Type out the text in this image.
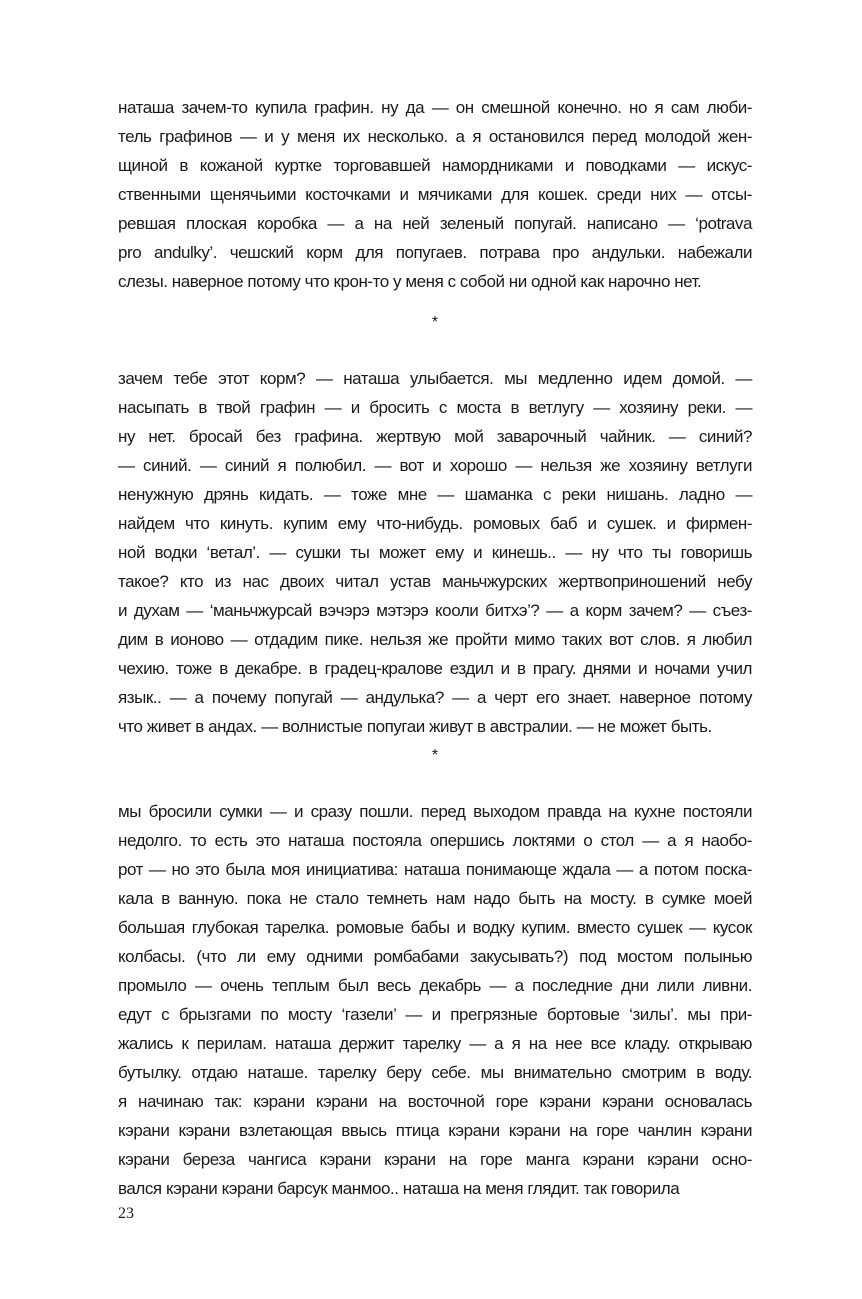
наташа зачем-то купила графин. ну да — он смешной конечно. но я сам люби-
тель графинов — и у меня их несколько. а я остановился перед молодой жен-
щиной в кожаной куртке торговавшей намордниками и поводками — искус-
ственными щенячьими косточками и мячиками для кошек. среди них — отсы-
ревшая плоская коробка — а на ней зеленый попугай. написано — ‘potrava
pro andulky’. чешский корм для попугаев. потрава про андульки. набежали
слезы. наверное потому что крон-то у меня с собой ни одной как нарочно нет.
*
зачем тебе этот корм? — наташа улыбается. мы медленно идем домой. —
насыпать в твой графин — и бросить с моста в ветлугу — хозяину реки. —
ну нет. бросай без графина. жертвую мой заварочный чайник. — синий?
— синий. — синий я полюбил. — вот и хорошо — нельзя же хозяину ветлуги
ненужную дрянь кидать. — тоже мне — шаманка с реки нишань. ладно —
найдем что кинуть. купим ему что-нибудь. ромовых баб и сушек. и фирмен-
ной водки ‘ветал’. — сушки ты может ему и кинешь.. — ну что ты говоришь
такое? кто из нас двоих читал устав маньчжурских жертвоприношений небу
и духам — ‘маньчжурсай вэчэрэ мэтэрэ кооли битхэ’? — а корм зачем? — съез-
дим в ионово — отдадим пике. нельзя же пройти мимо таких вот слов. я любил
чехию. тоже в декабре. в градец-кралове ездил и в прагу. днями и ночами учил
язык.. — а почему попугай — андулька? — а черт его знает. наверное потому
что живет в андах. — волнистые попугаи живут в австралии. — не может быть.
*
мы бросили сумки — и сразу пошли. перед выходом правда на кухне постояли
недолго. то есть это наташа постояла опершись локтями о стол — а я наобо-
рот — но это была моя инициатива: наташа понимающе ждала — а потом поска-
кала в ванную. пока не стало темнеть нам надо быть на мосту. в сумке моей
большая глубокая тарелка. ромовые бабы и водку купим. вместо сушек — кусок
колбасы. (что ли ему одними ромбабами закусывать?) под мостом полынью
промыло — очень теплым был весь декабрь — а последние дни лили ливни.
едут с брызгами по мосту ‘газели’ — и прегрязные бортовые ‘зилы’. мы при-
жались к перилам. наташа держит тарелку — а я на нее все кладу. открываю
бутылку. отдаю наташе. тарелку беру себе. мы внимательно смотрим в воду.
я начинаю так: кэрани кэрани на восточной горе кэрани кэрани основалась
кэрани кэрани взлетающая ввысь птица кэрани кэрани на горе чанлин кэрани
кэрани береза чангиса кэрани кэрани на горе манга кэрани кэрани осно-
вался кэрани кэрани барсук манмоо.. наташа на меня глядит. так говорила
23
